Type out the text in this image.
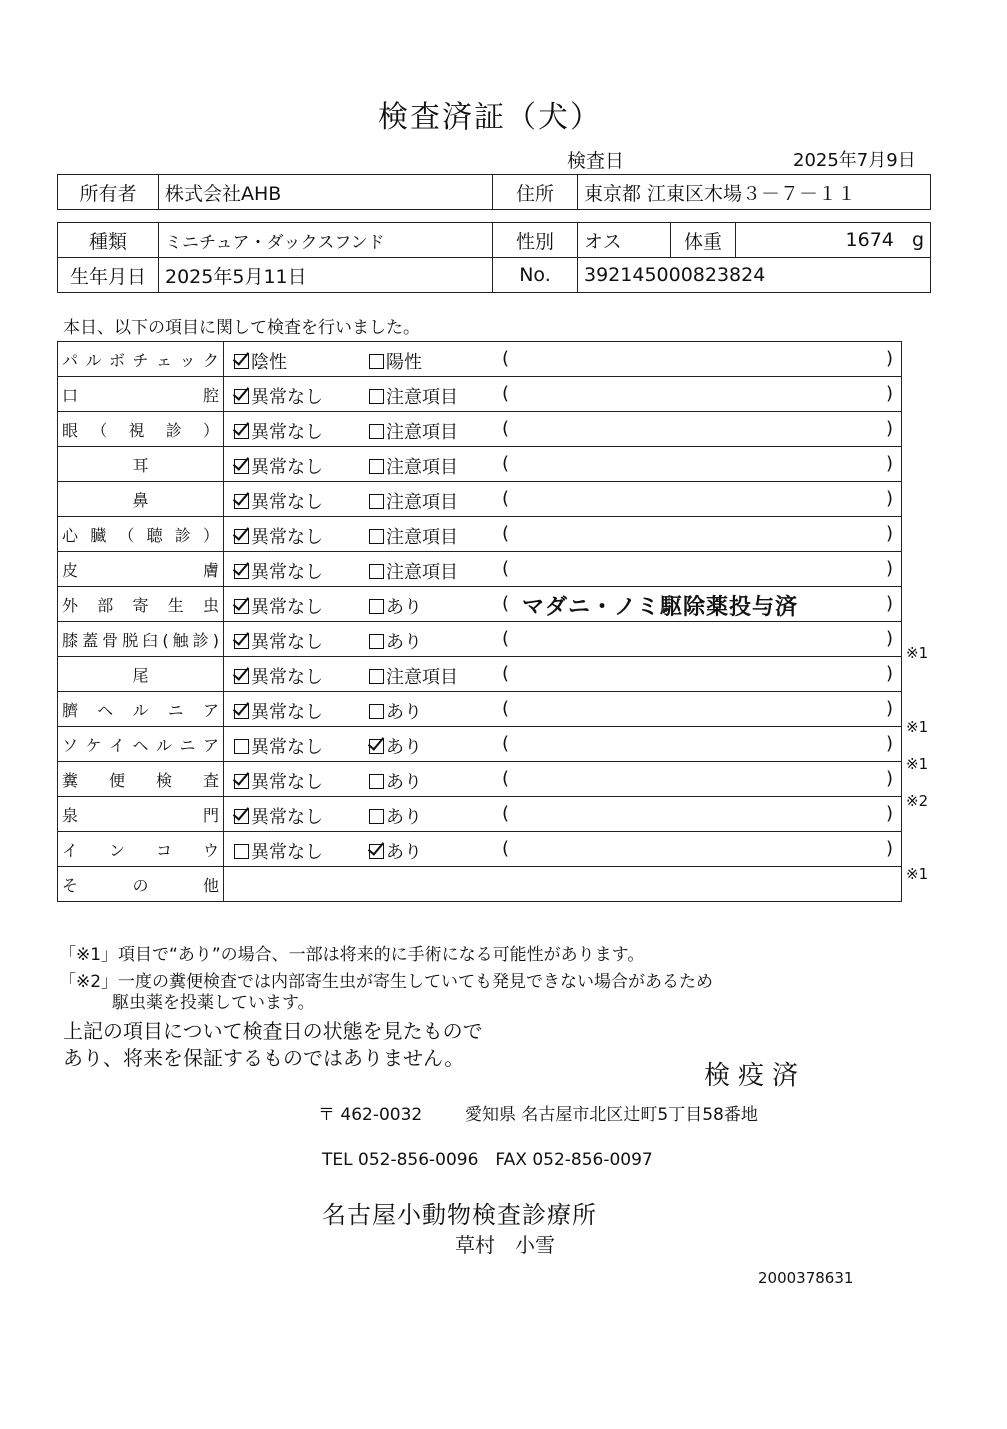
検査済証（犬）
検査日	2025年7月9日
所有者	株式会社AHB	住所	東京都 江東区木場３－７－１１
種類	ミニチュア・ダックスフンド	性別	オス	体重	1674 g
生年月日	2025年5月11日	No.	392145000823824		
本日、以下の項目に関して検査を行いました。
パ ル ボ チ ェ ッ ク	陰性 陽性 ( )

口　　　　　　　腔	異常なし 注意項目 ( )

眼　（　視　診　）	異常なし 注意項目 ( )

耳	異常なし 注意項目 ( )

鼻	異常なし 注意項目 ( )

心 臓 （ 聴 診 ）	異常なし 注意項目 ( )

皮　　　　　　　膚	異常なし 注意項目 ( )

外　部　寄　生　虫	異常なし あり ( マダニ・ノミ駆除薬投与済 )

膝蓋骨脱臼(触診)	異常なし あり ( )

尾	異常なし 注意項目 ( )

臍　ヘ　ル　ニ　ア	異常なし あり ( )

ソ ケ イ ヘ ル ニ ア	異常なし あり ( )

糞　便　検　査	異常なし あり ( )

泉　　　　　　　門	異常なし あり ( )

イ　ン　コ　ウ	異常なし あり ( )

そ　　の　　他	
「※1」項目で“あり”の場合、一部は将来的に手術になる可能性があります。
「※2」一度の糞便検査では内部寄生虫が寄生していても発見できない場合があるため
駆虫薬を投薬しています。
上記の項目について検査日の状態を見たものであり、将来を保証するものではありません。
検疫済
〒 462-0032	愛知県 名古屋市北区辻町5丁目58番地
TEL 052-856-0096　FAX 052-856-0097
名古屋小動物検査診療所
草村　小雪
2000378631
※1
※1
※1
※2
※1
